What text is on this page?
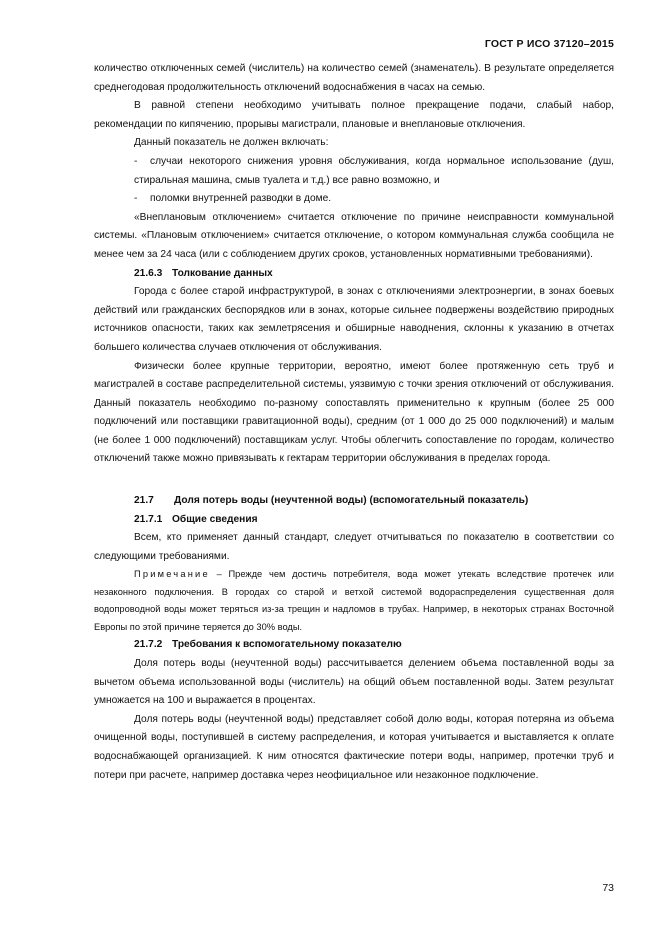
ГОСТ Р ИСО 37120–2015

количество отключенных семей (числитель) на количество семей (знаменатель). В результате определяется среднегодовая продолжительность отключений водоснабжения в часах на семью.

В равной степени необходимо учитывать полное прекращение подачи, слабый набор, рекомендации по кипячению, прорывы магистрали, плановые и внеплановые отключения.

Данный показатель не должен включать:

- случаи некоторого снижения уровня обслуживания, когда нормальное использование (душ, стиральная машина, смыв туалета и т.д.) все равно возможно, и

- поломки внутренней разводки в доме.

«Внеплановым отключением» считается отключение по причине неисправности коммунальной системы. «Плановым отключением» считается отключение, о котором коммунальная служба сообщила не менее чем за 24 часа (или с соблюдением других сроков, установленных нормативными требованиями).

21.6.3 Толкование данных

Города с более старой инфраструктурой, в зонах с отключениями электроэнергии, в зонах боевых действий или гражданских беспорядков или в зонах, которые сильнее подвержены воздействию природных источников опасности, таких как землетрясения и обширные наводнения, склонны к указанию в отчетах большего количества случаев отключения от обслуживания.

Физически более крупные территории, вероятно, имеют более протяженную сеть труб и магистралей в составе распределительной системы, уязвимую с точки зрения отключений от обслуживания. Данный показатель необходимо по-разному сопоставлять применительно к крупным (более 25 000 подключений или поставщики гравитационной воды), средним (от 1 000 до 25 000 подключений) и малым (не более 1 000 подключений) поставщикам услуг. Чтобы облегчить сопоставление по городам, количество отключений также можно привязывать к гектарам территории обслуживания в пределах города.

21.7 Доля потерь воды (неучтенной воды) (вспомогательный показатель)

21.7.1 Общие сведения

Всем, кто применяет данный стандарт, следует отчитываться по показателю в соответствии со следующими требованиями.

Примечание – Прежде чем достичь потребителя, вода может утекать вследствие протечек или незаконного подключения. В городах со старой и ветхой системой водораспределения существенная доля водопроводной воды может теряться из-за трещин и надломов в трубах. Например, в некоторых странах Восточной Европы по этой причине теряется до 30% воды.

21.7.2 Требования к вспомогательному показателю

Доля потерь воды (неучтенной воды) рассчитывается делением объема поставленной воды за вычетом объема использованной воды (числитель) на общий объем поставленной воды. Затем результат умножается на 100 и выражается в процентах.

Доля потерь воды (неучтенной воды) представляет собой долю воды, которая потеряна из объема очищенной воды, поступившей в систему распределения, и которая учитывается и выставляется к оплате водоснабжающей организацией. К ним относятся фактические потери воды, например, протечки труб и потери при расчете, например доставка через неофициальное или незаконное подключение.

73
